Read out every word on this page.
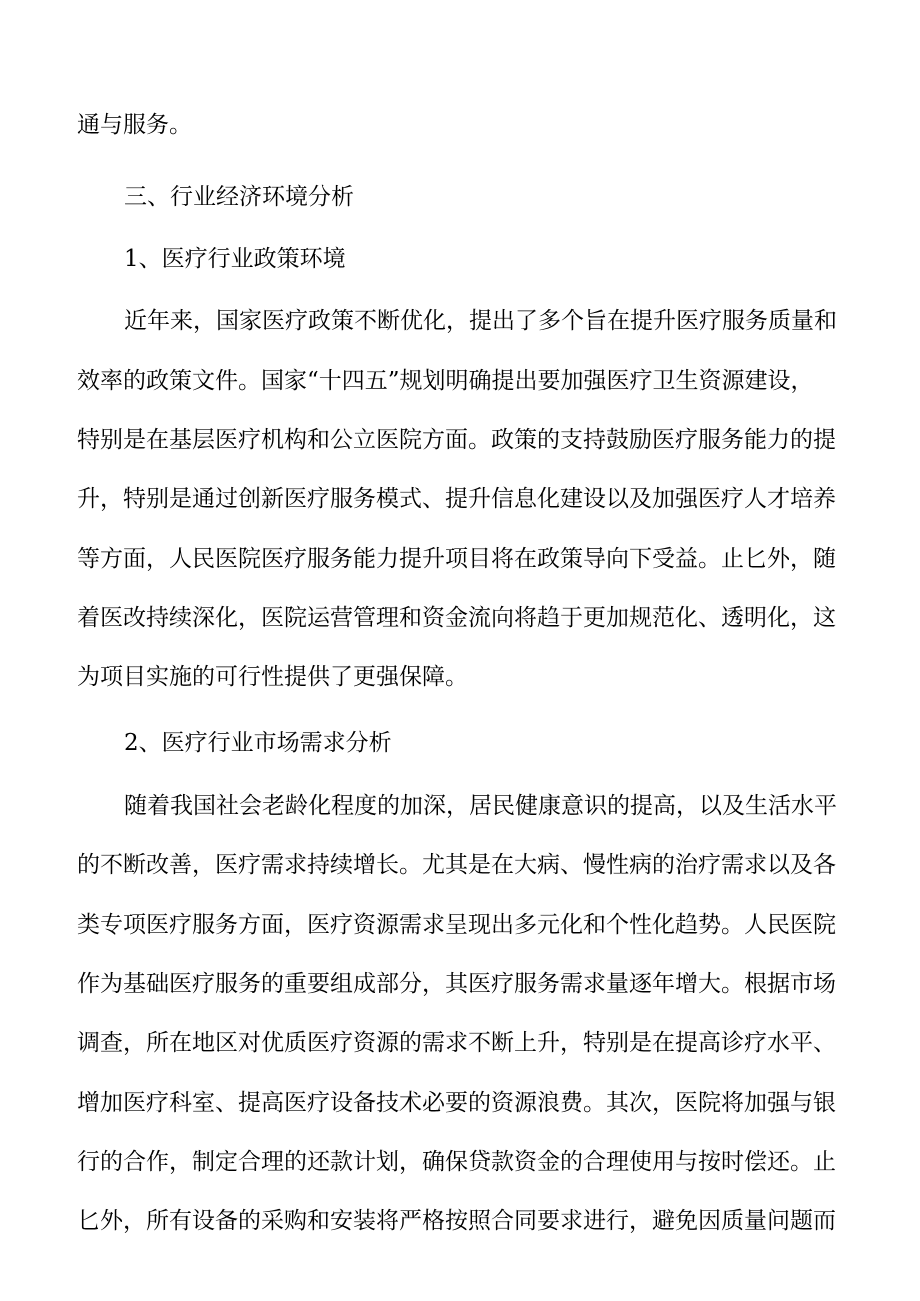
通与服务。
三、行业经济环境分析
1、医疗行业政策环境
近年来，国家医疗政策不断优化，提出了多个旨在提升医疗服务质量和
效率的政策文件。国家“十四五”规划明确提出要加强医疗卫生资源建设，
特别是在基层医疗机构和公立医院方面。政策的支持鼓励医疗服务能力的提
升，特别是通过创新医疗服务模式、提升信息化建设以及加强医疗人才培养
等方面，人民医院医疗服务能力提升项目将在政策导向下受益。止匕外，随
着医改持续深化，医院运营管理和资金流向将趋于更加规范化、透明化，这
为项目实施的可行性提供了更强保障。
2、医疗行业市场需求分析
随着我国社会老龄化程度的加深，居民健康意识的提高，以及生活水平
的不断改善，医疗需求持续增长。尤其是在大病、慢性病的治疗需求以及各
类专项医疗服务方面，医疗资源需求呈现出多元化和个性化趋势。人民医院
作为基础医疗服务的重要组成部分，其医疗服务需求量逐年增大。根据市场
调查，所在地区对优质医疗资源的需求不断上升，特别是在提高诊疗水平、
增加医疗科室、提高医疗设备技术必要的资源浪费。其次，医院将加强与银
行的合作，制定合理的还款计划，确保贷款资金的合理使用与按时偿还。止
匕外，所有设备的采购和安装将严格按照合同要求进行，避免因质量问题而
